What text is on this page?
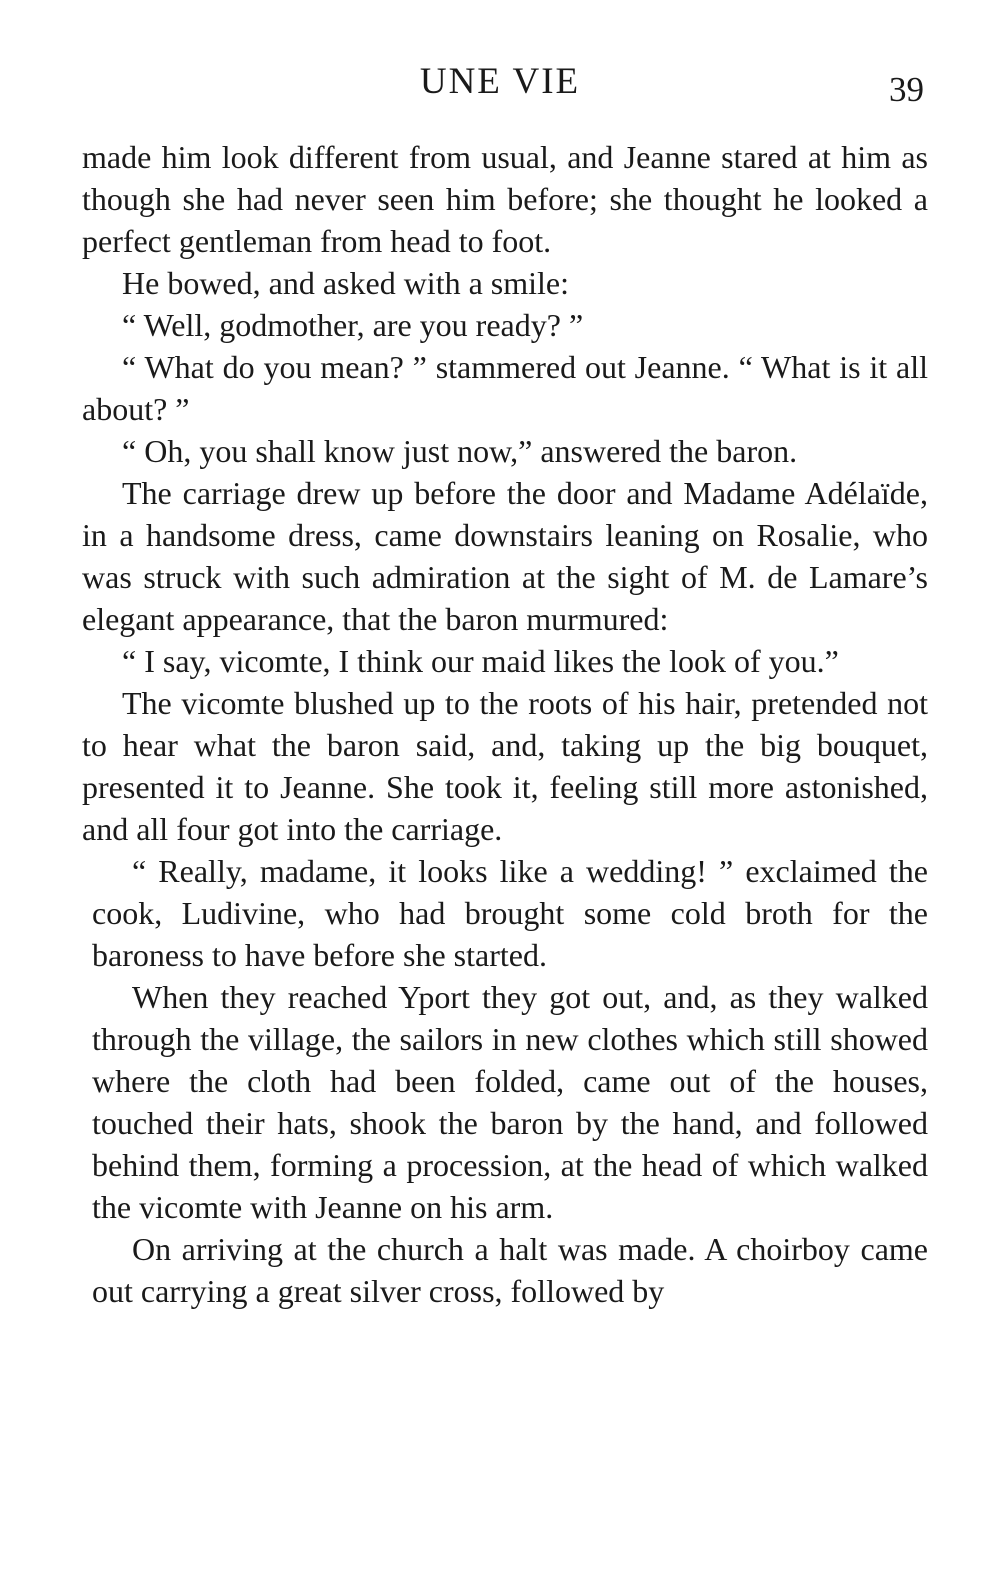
UNE VIE	39

made him look different from usual, and Jeanne stared at him as though she had never seen him before; she thought he looked a perfect gentleman from head to foot.

He bowed, and asked with a smile:

“ Well, godmother, are you ready? ”

“ What do you mean? ” stammered out Jeanne. “ What is it all about? ”

“ Oh, you shall know just now,” answered the baron.

The carriage drew up before the door and Madame Adélaïde, in a handsome dress, came downstairs leaning on Rosalie, who was struck with such admiration at the sight of M. de Lamare’s elegant appearance, that the baron murmured:

“ I say, vicomte, I think our maid likes the look of you.”

The vicomte blushed up to the roots of his hair, pretended not to hear what the baron said, and, taking up the big bouquet, presented it to Jeanne. She took it, feeling still more astonished, and all four got into the carriage.

“ Really, madame, it looks like a wedding! ” exclaimed the cook, Ludivine, who had brought some cold broth for the baroness to have before she started.

When they reached Yport they got out, and, as they walked through the village, the sailors in new clothes which still showed where the cloth had been folded, came out of the houses, touched their hats, shook the baron by the hand, and followed behind them, forming a procession, at the head of which walked the vicomte with Jeanne on his arm.

On arriving at the church a halt was made. A choirboy came out carrying a great silver cross, followed by
